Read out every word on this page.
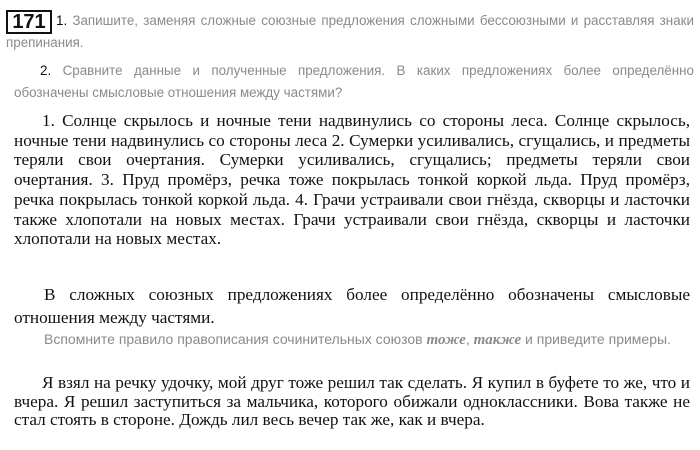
171 1. Запишите, заменяя сложные союзные предложения сложными бессоюзными и расставляя знаки препинания.
2. Сравните данные и полученные предложения. В каких предложениях более определённо обозначены смысловые отношения между частями?
1. Солнце скрылось и ночные тени надвинулись со стороны леса. Солнце скрылось, ночные тени надвинулись со стороны леса 2. Сумерки усиливались, сгущались, и предметы теряли свои очертания. Сумерки усиливались, сгущались; предметы теряли свои очертания. 3. Пруд промёрз, речка тоже покрылась тонкой коркой льда. Пруд промёрз, речка покрылась тонкой коркой льда. 4. Грачи устраивали свои гнёзда, скворцы и ласточки также хлопотали на новых местах. Грачи устраивали свои гнёзда, скворцы и ласточки хлопотали на новых местах.
В сложных союзных предложениях более определённо обозначены смысловые отношения между частями.
Вспомните правило правописания сочинительных союзов тоже, также и приведите примеры.
Я взял на речку удочку, мой друг тоже решил так сделать. Я купил в буфете то же, что и вчера. Я решил заступиться за мальчика, которого обижали одноклассники. Вова также не стал стоять в стороне. Дождь лил весь вечер так же, как и вчера.
